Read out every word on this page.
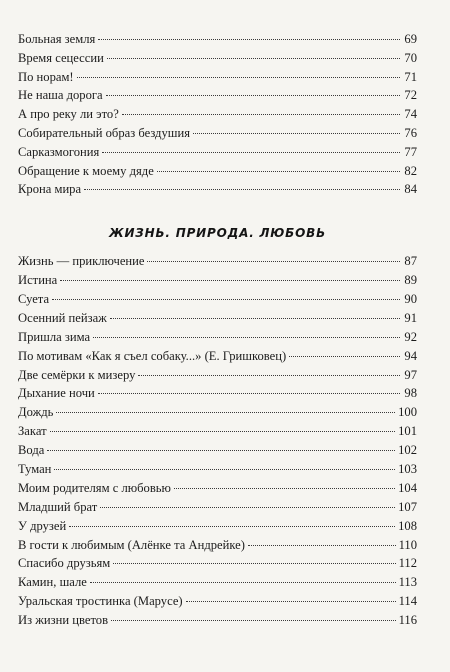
Больная земля	69
Время сецессии	70
По норам!	71
Не наша дорога	72
А про реку ли это?	74
Собирательный образ бездушия	76
Сарказмогония	77
Обращение к моему дяде	82
Крона мира	84
ЖИЗНЬ. ПРИРОДА. ЛЮБОВЬ
Жизнь — приключение	87
Истина	89
Суета	90
Осенний пейзаж	91
Пришла зима	92
По мотивам «Как я съел собаку...» (Е. Гришковец)	94
Две семёрки к мизеру	97
Дыхание ночи	98
Дождь	100
Закат	101
Вода	102
Туман	103
Моим родителям с любовью	104
Младший брат	107
У друзей	108
В гости к любимым (Алёнке та Андрейке)	110
Спасибо друзьям	112
Камин, шале	113
Уральская тростинка (Марусе)	114
Из жизни цветов	116
